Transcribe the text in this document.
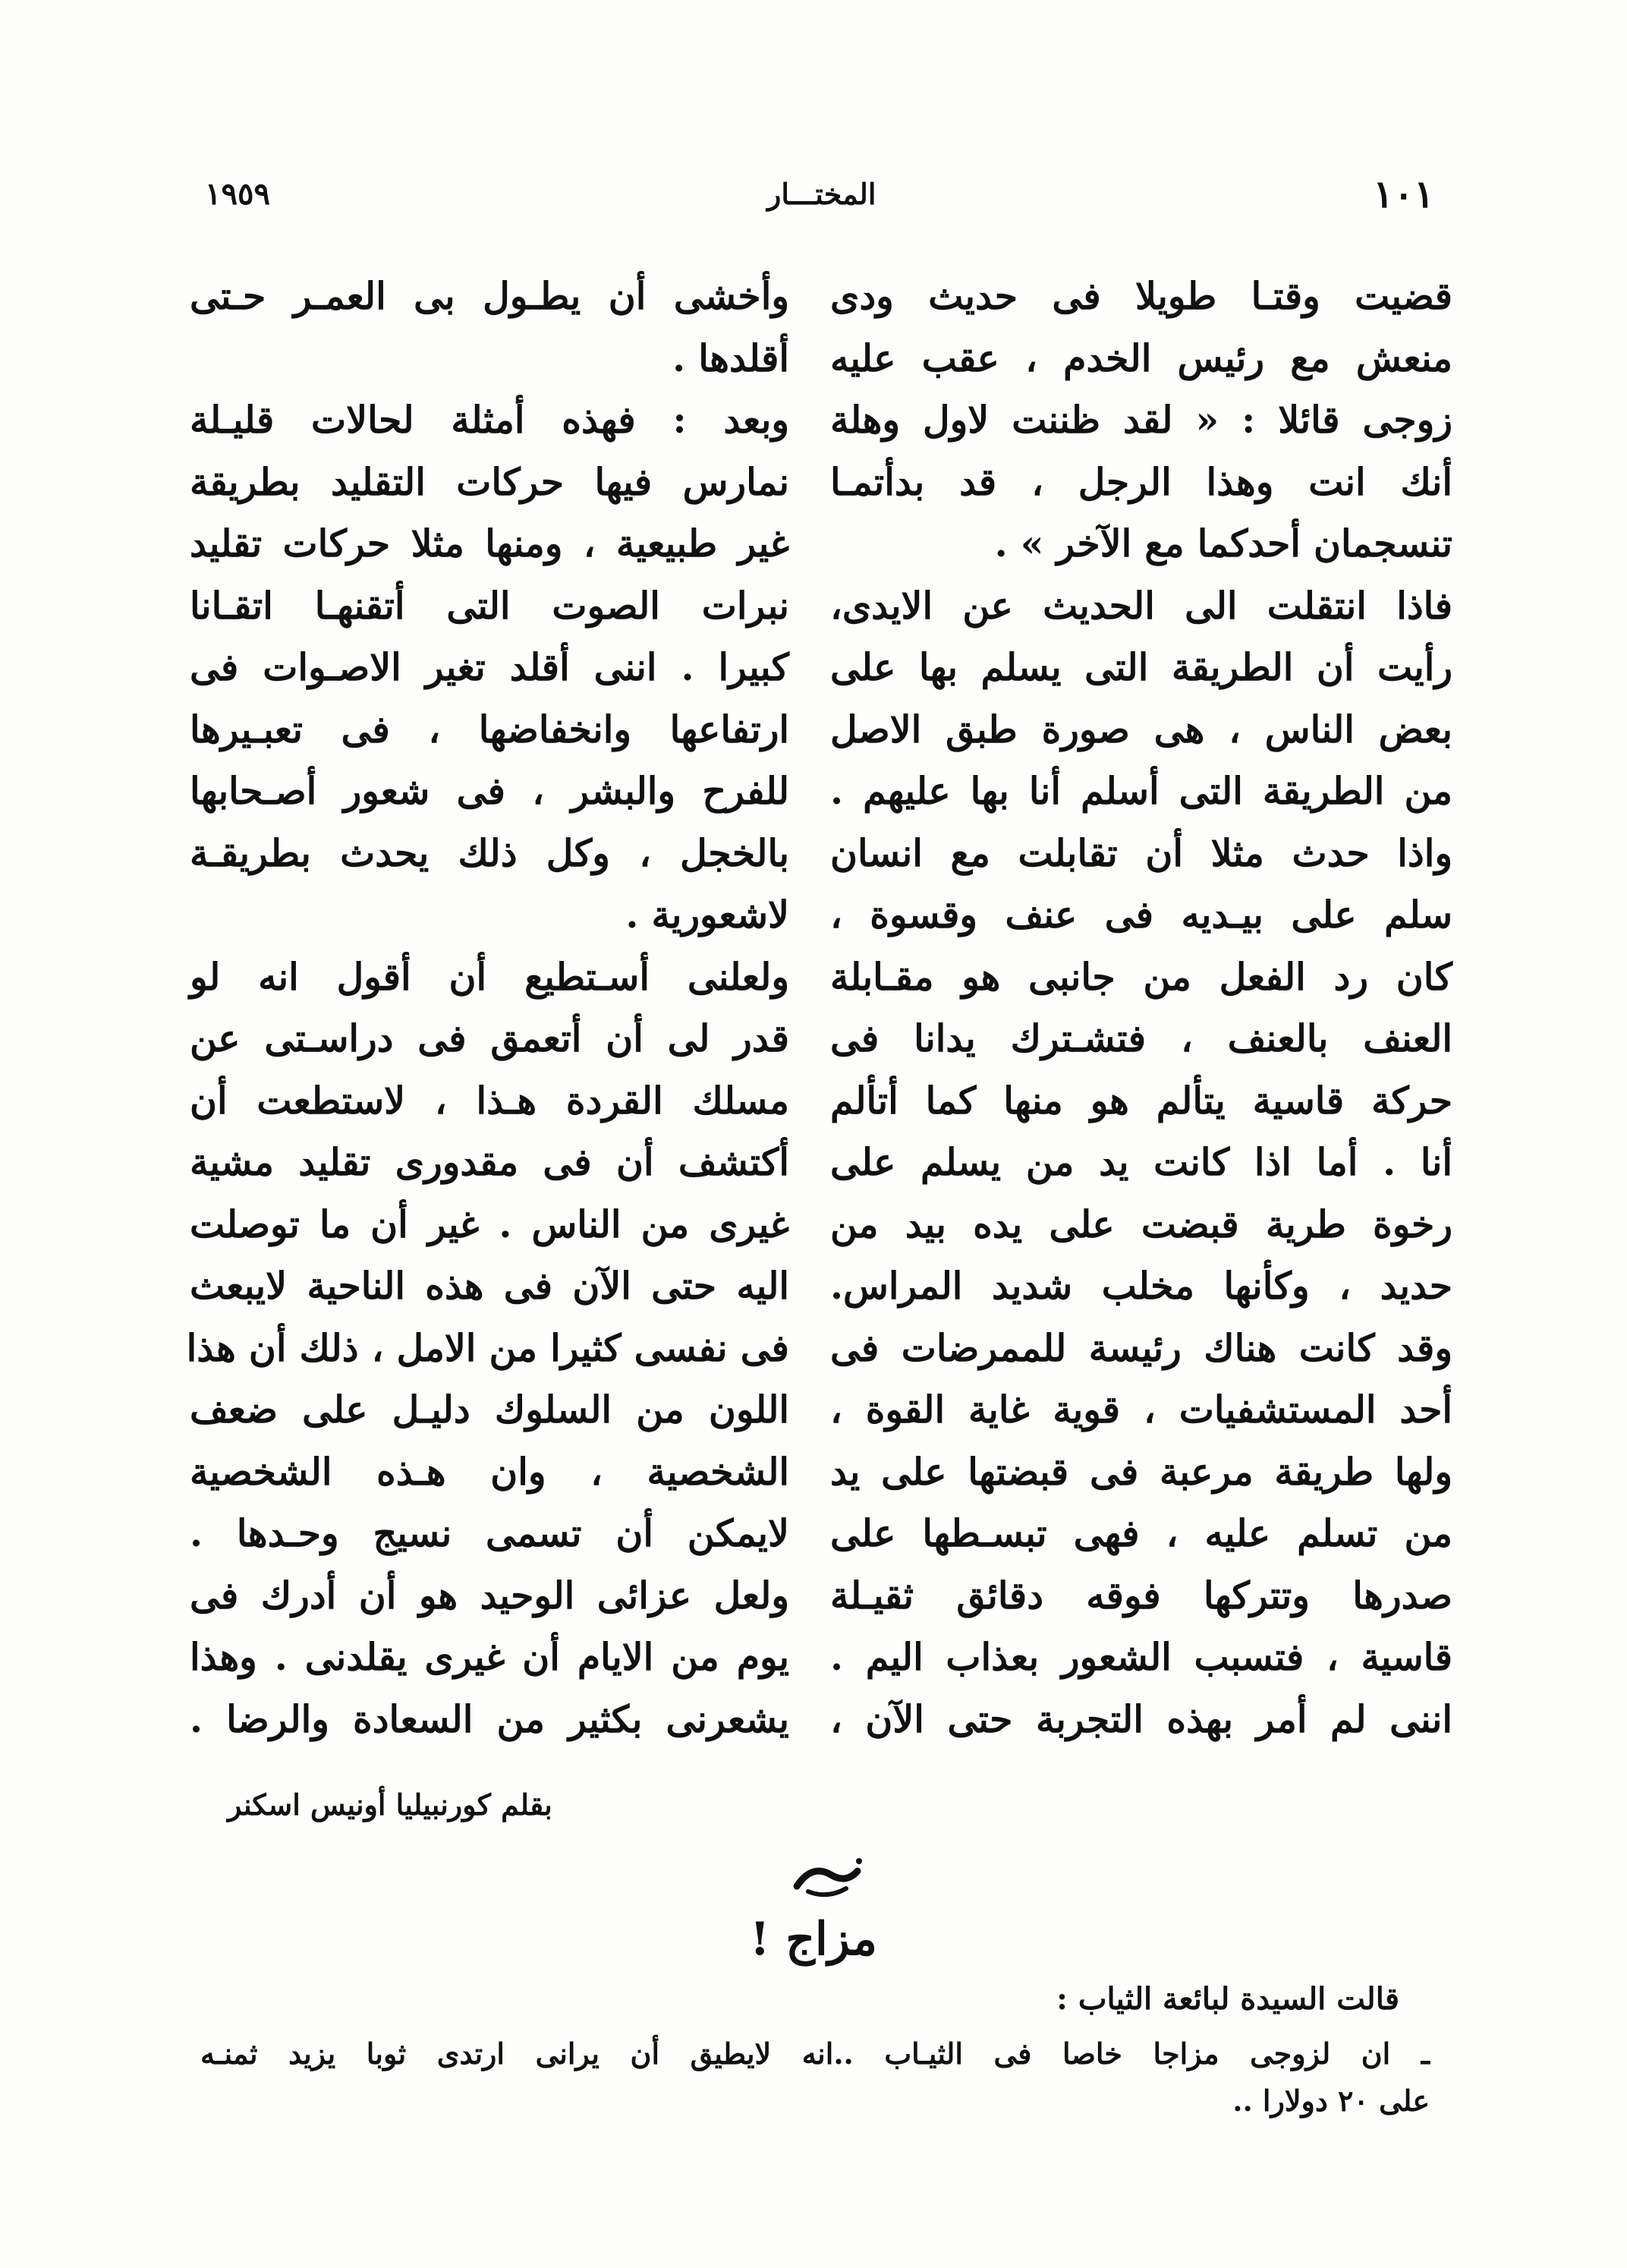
١٠١
المختـــار
١٩٥٩
قضيت وقتـا طويلا فى حديث ودى
منعش مع رئيس الخدم ، عقب عليه
زوجى قائلا : « لقد ظننت لاول وهلة
أنك انت وهذا الرجل ، قد بدأتمـا
تنسجمان أحدكما مع الآخر » .
فاذا انتقلت الى الحديث عن الايدى،
رأيت أن الطريقة التى يسلم بها على
بعض الناس ، هى صورة طبق الاصل
من الطريقة التى أسلم أنا بها عليهم .
واذا حدث مثلا أن تقابلت مع انسان
سلم على بيـديه فى عنف وقسوة ،
كان رد الفعل من جانبى هو مقـابلة
العنف بالعنف ، فتشـترك يدانا فى
حركة قاسية يتألم هو منها كما أتألم
أنا . أما اذا كانت يد من يسلم على
رخوة طرية قبضت على يده بيد من
حديد ، وكأنها مخلب شديد المراس.
وقد كانت هناك رئيسة للممرضات فى
أحد المستشفيات ، قوية غاية القوة ،
ولها طريقة مرعبة فى قبضتها على يد
من تسلم عليه ، فهى تبسـطها على
صدرها وتتركها فوقه دقائق ثقيـلة
قاسية ، فتسبب الشعور بعذاب اليم .
اننى لم أمر بهذه التجربة حتى الآن ،
وأخشى أن يطـول بى العمـر حـتى
أقلدها .
وبعد : فهذه أمثلة لحالات قليـلة
نمارس فيها حركات التقليد بطريقة
غير طبيعية ، ومنها مثلا حركات تقليد
نبرات الصوت التى أتقنهـا اتقـانا
كبيرا . اننى أقلد تغير الاصـوات فى
ارتفاعها وانخفاضها ، فى تعبـيرها
للفرح والبشر ، فى شعور أصـحابها
بالخجل ، وكل ذلك يحدث بطريقـة
لاشعورية .
ولعلنى أسـتطيع أن أقول انه لو
قدر لى أن أتعمق فى دراسـتى عن
مسلك القردة هـذا ، لاستطعت أن
أكتشف أن فى مقدورى تقليد مشية
غيرى من الناس . غير أن ما توصلت
اليه حتى الآن فى هذه الناحية لايبعث
فى نفسى كثيرا من الامل ، ذلك أن هذا
اللون من السلوك دليـل على ضعف
الشخصية ، وان هـذه الشخصية
لايمكن أن تسمى نسيج وحـدها .
ولعل عزائى الوحيد هو أن أدرك فى
يوم من الايام أن غيرى يقلدنى . وهذا
يشعرنى بكثير من السعادة والرضا .
بقلم كورنبيليا أونيس اسكنر
مزاج !
قالت السيدة لبائعة الثياب :
ـ ان لزوجى مزاجا خاصا فى الثيـاب ..انه لايطيق أن يرانى ارتدى ثوبا يزيد ثمنـه
على ٢٠ دولارا ..
